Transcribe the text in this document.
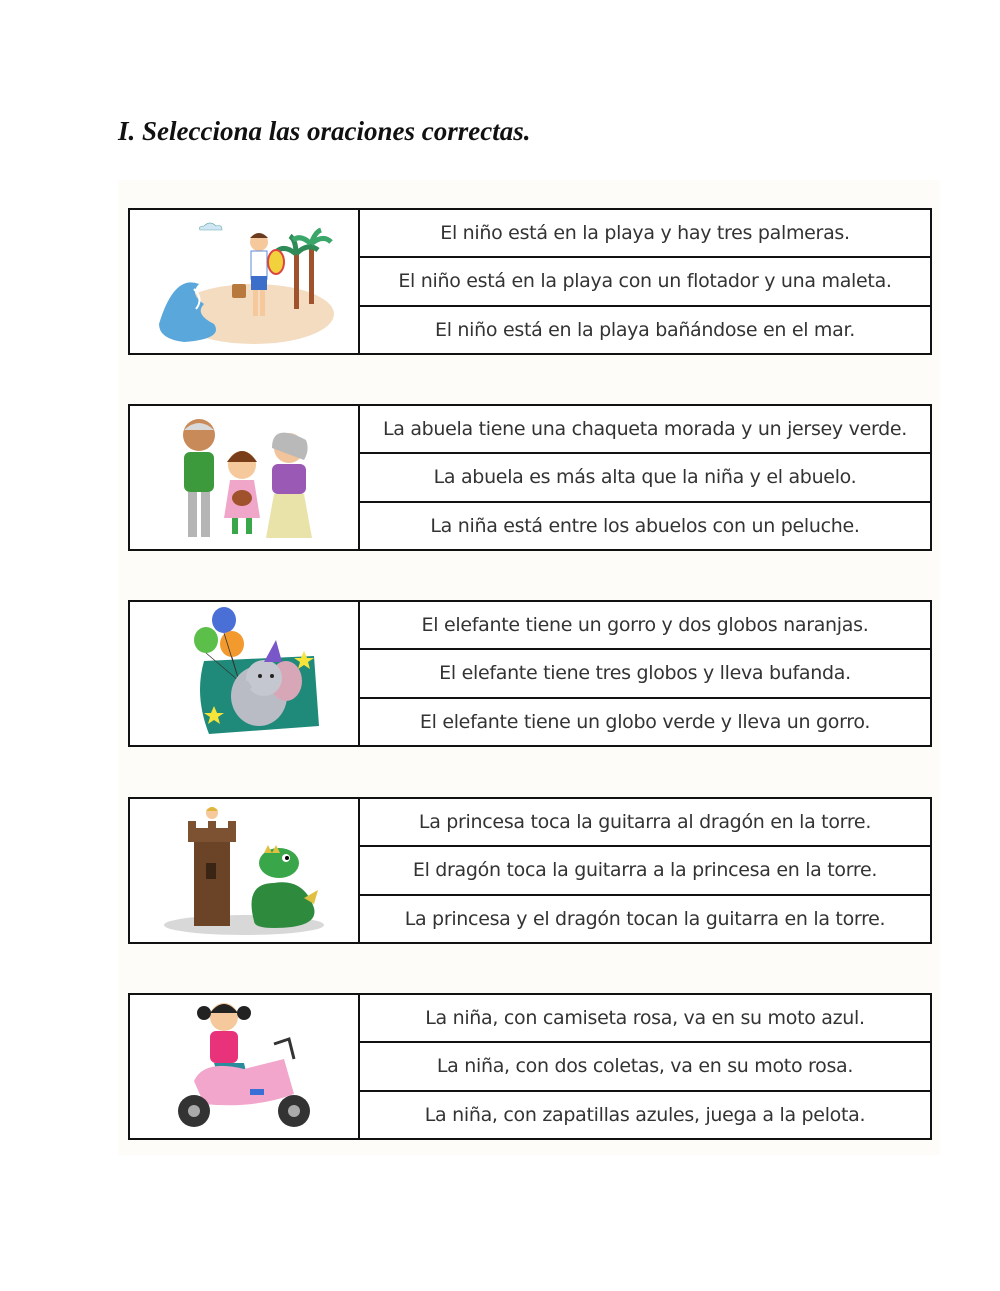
I. Selecciona las oraciones correctas.
El niño está en la playa y hay tres palmeras.
El niño está en la playa con un flotador y una maleta.
El niño está en la playa bañándose en el mar.
La abuela tiene una chaqueta morada y un jersey verde.
La abuela es más alta que la niña y el abuelo.
La niña está entre los abuelos con un peluche.
El elefante tiene un gorro y dos globos naranjas.
El elefante tiene tres globos y lleva bufanda.
El elefante tiene un globo verde y lleva un gorro.
La princesa toca la guitarra al dragón en la torre.
El dragón toca la guitarra a la princesa en la torre.
La princesa y el dragón tocan la guitarra en la torre.
La niña, con camiseta rosa, va en su moto azul.
La niña, con dos coletas, va en su moto rosa.
La niña, con zapatillas azules, juega a la pelota.
